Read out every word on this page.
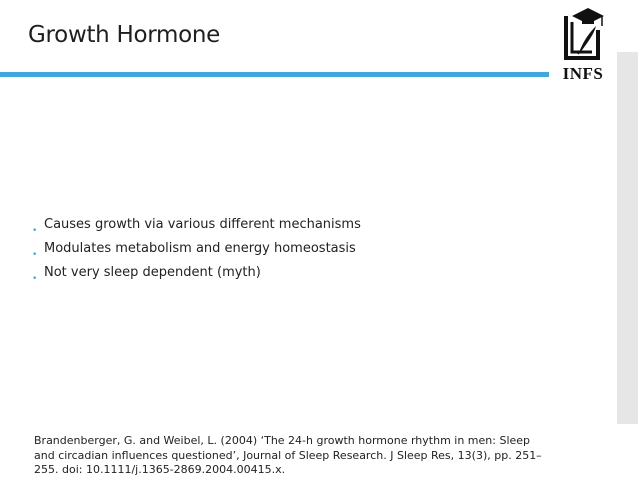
Growth Hormone
INFS
• Causes growth via various different mechanisms
• Modulates metabolism and energy homeostasis
• Not very sleep dependent (myth)
Brandenberger, G. and Weibel, L. (2004) ‘The 24-h growth hormone rhythm in men: Sleep and circadian influences questioned’, Journal of Sleep Research. J Sleep Res, 13(3), pp. 251–255. doi: 10.1111/j.1365-2869.2004.00415.x.
